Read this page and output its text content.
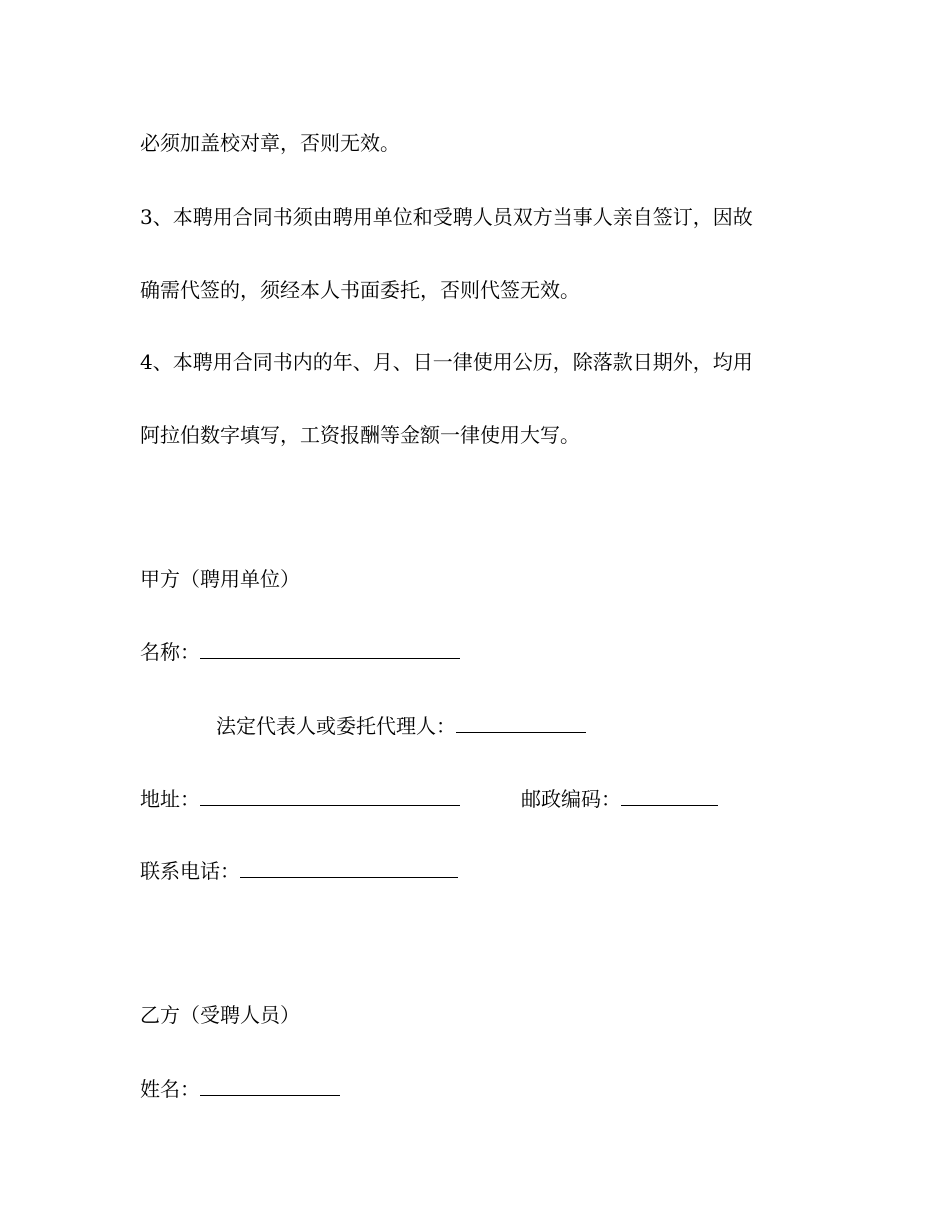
必须加盖校对章，否则无效。
3、本聘用合同书须由聘用单位和受聘人员双方当事人亲自签订，因故
确需代签的，须经本人书面委托，否则代签无效。
4、本聘用合同书内的年、月、日一律使用公历，除落款日期外，均用
阿拉伯数字填写，工资报酬等金额一律使用大写。
甲方（聘用单位）
名称：
法定代表人或委托代理人：
地址：	邮政编码：
联系电话：
乙方（受聘人员）
姓名：
